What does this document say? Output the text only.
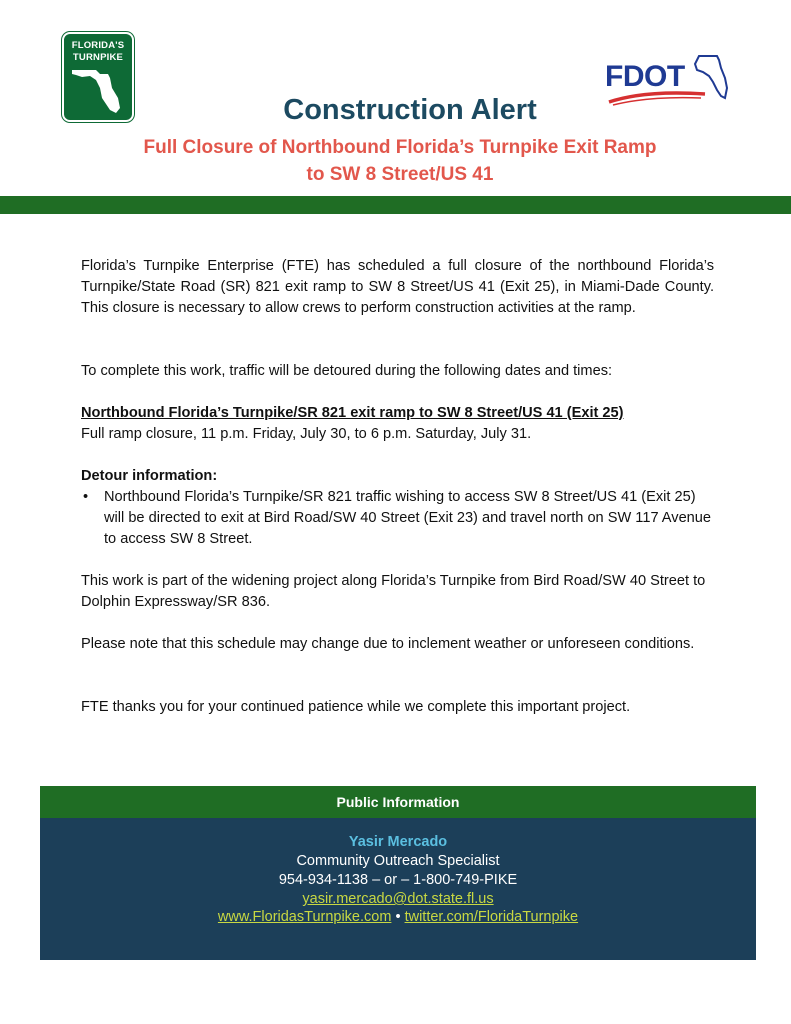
FLORIDA'S
TURNPIKE
FDOT
Construction Alert
Full Closure of Northbound Florida’s Turnpike Exit Ramp
to SW 8 Street/US 41

Florida’s Turnpike Enterprise (FTE) has scheduled a full closure of the northbound Florida’s Turnpike/State Road (SR) 821 exit ramp to SW 8 Street/US 41 (Exit 25), in Miami-Dade County. This closure is necessary to allow crews to perform construction activities at the ramp.

To complete this work, traffic will be detoured during the following dates and times:

Northbound Florida’s Turnpike/SR 821 exit ramp to SW 8 Street/US 41 (Exit 25)

Full ramp closure, 11 p.m. Friday, July 30, to 6 p.m. Saturday, July 31.

Detour information:

• Northbound Florida’s Turnpike/SR 821 traffic wishing to access SW 8 Street/US 41 (Exit 25) will be directed to exit at Bird Road/SW 40 Street (Exit 23) and travel north on SW 117 Avenue to access SW 8 Street.

This work is part of the widening project along Florida’s Turnpike from Bird Road/SW 40 Street to Dolphin Expressway/SR 836.

Please note that this schedule may change due to inclement weather or unforeseen conditions.

FTE thanks you for your continued patience while we complete this important project.

Public Information
Yasir Mercado
Community Outreach Specialist
954-934-1138 – or – 1-800-749-PIKE
yasir.mercado@dot.state.fl.us
www.FloridasTurnpike.com • twitter.com/FloridaTurnpike
